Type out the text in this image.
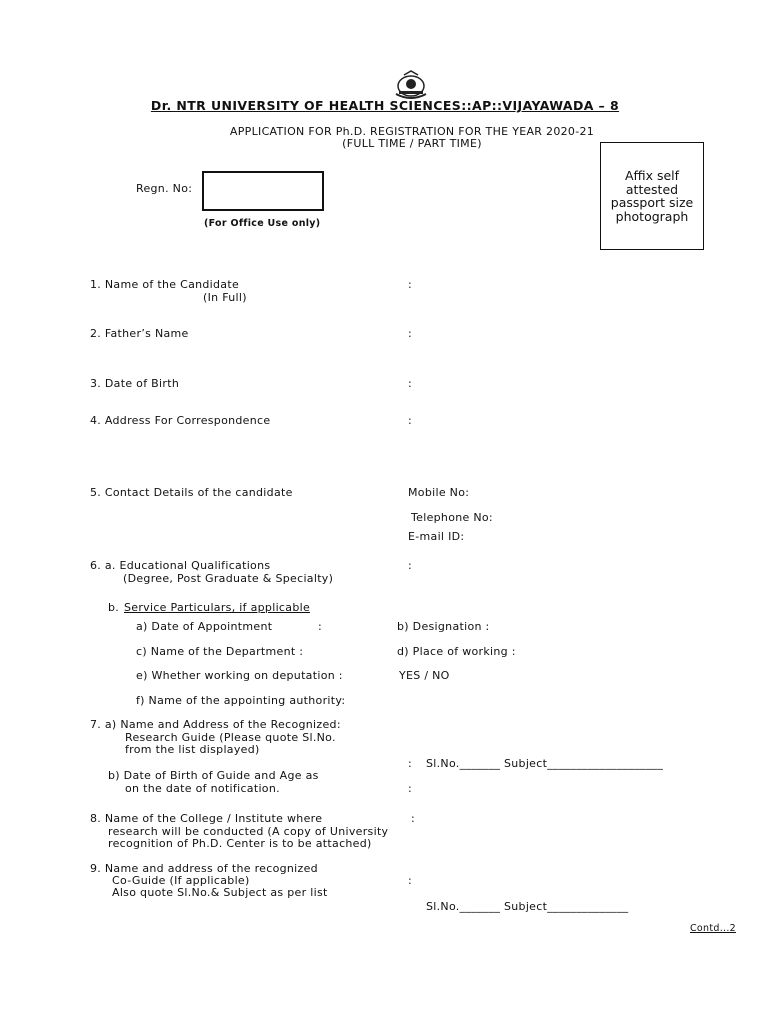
Dr. NTR UNIVERSITY OF HEALTH SCIENCES::AP::VIJAYAWADA – 8
APPLICATION FOR Ph.D. REGISTRATION FOR THE YEAR 2020-21
(FULL TIME / PART TIME)
Affix self attested passport size photograph
Regn. No:
(For Office Use only)
1. Name of the Candidate
(In Full)
:
2. Father’s Name	:
3. Date of Birth	:
4. Address For Correspondence	:
5. Contact Details of the candidate	Mobile No:
Telephone No:
E-mail ID:
6. a. Educational Qualifications
(Degree, Post Graduate & Specialty)
:
b. Service Particulars, if applicable
a) Date of Appointment	:	b) Designation :
c) Name of the Department :	d) Place of working :
e) Whether working on deputation :	YES / NO
f) Name of the appointing authority:
7. a) Name and Address of the Recognized:
Research Guide (Please quote Sl.No.
from the list displayed)
: Sl.No._______ Subject____________________
b) Date of Birth of Guide and Age as
on the date of notification.	:
8. Name of the College / Institute where	:
research will be conducted (A copy of University
recognition of Ph.D. Center is to be attached)
9. Name and address of the recognized
Co-Guide (If applicable)	:
Also quote Sl.No.& Subject as per list
Sl.No._______ Subject______________
Contd...2
